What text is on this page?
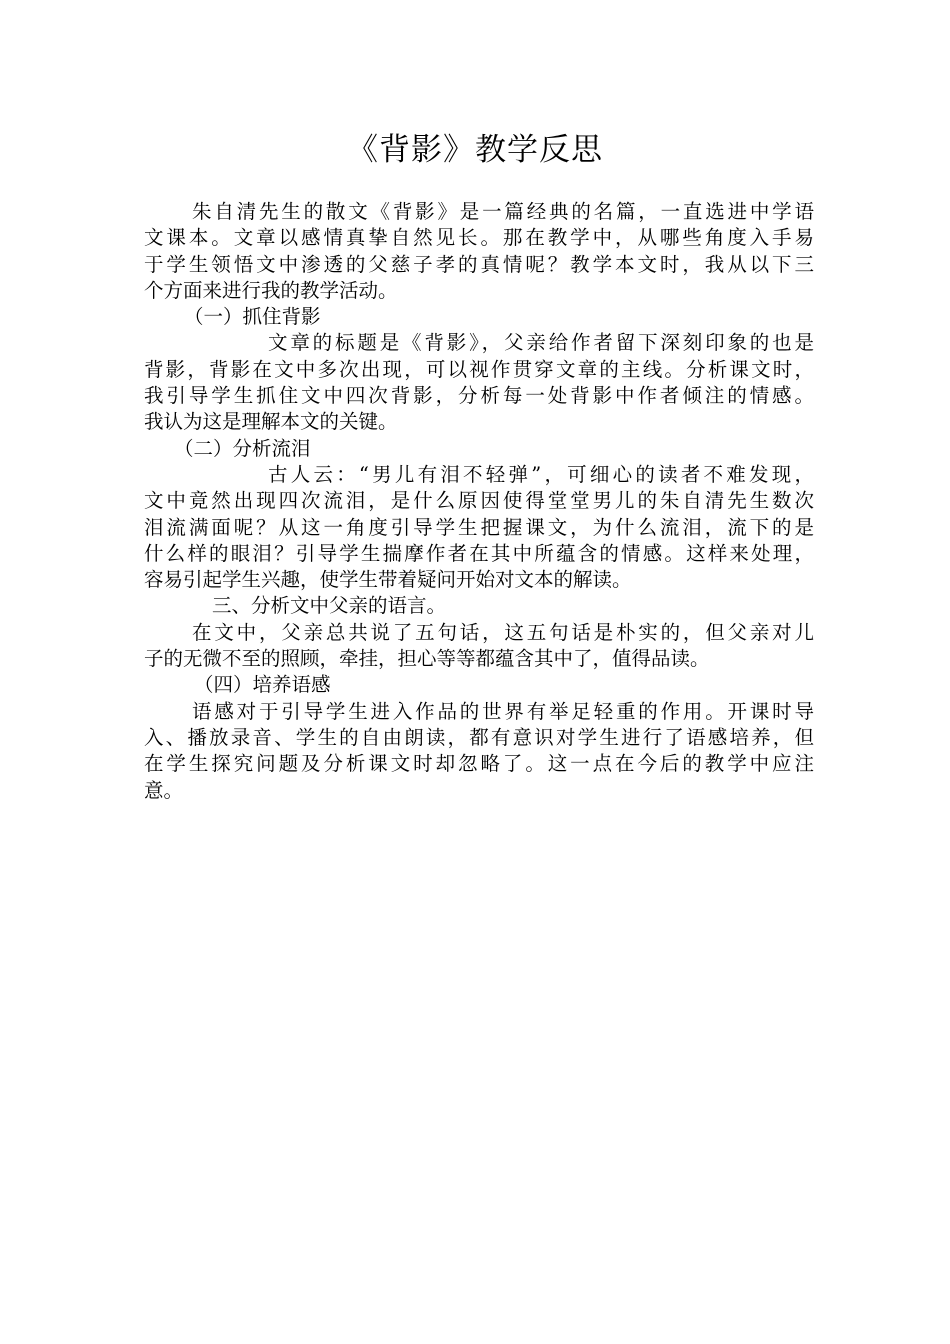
《背影》教学反思
朱自清先生的散文《背影》是一篇经典的名篇，一直选进中学语
文课本。文章以感情真挚自然见长。那在教学中，从哪些角度入手易
于学生领悟文中渗透的父慈子孝的真情呢？教学本文时，我从以下三
个方面来进行我的教学活动。
（一）抓住背影
文章的标题是《背影》，父亲给作者留下深刻印象的也是
背影，背影在文中多次出现，可以视作贯穿文章的主线。分析课文时，
我引导学生抓住文中四次背影，分析每一处背影中作者倾注的情感。
我认为这是理解本文的关键。
（二）分析流泪
古人云：“男儿有泪不轻弹”，可细心的读者不难发现，
文中竟然出现四次流泪，是什么原因使得堂堂男儿的朱自清先生数次
泪流满面呢？从这一角度引导学生把握课文，为什么流泪，流下的是
什么样的眼泪？引导学生揣摩作者在其中所蕴含的情感。这样来处理，
容易引起学生兴趣，使学生带着疑问开始对文本的解读。
三、分析文中父亲的语言。
在文中，父亲总共说了五句话，这五句话是朴实的，但父亲对儿
子的无微不至的照顾，牵挂，担心等等都蕴含其中了，值得品读。
（四）培养语感
语感对于引导学生进入作品的世界有举足轻重的作用。开课时导
入、播放录音、学生的自由朗读，都有意识对学生进行了语感培养，但
在学生探究问题及分析课文时却忽略了。这一点在今后的教学中应注
意。
